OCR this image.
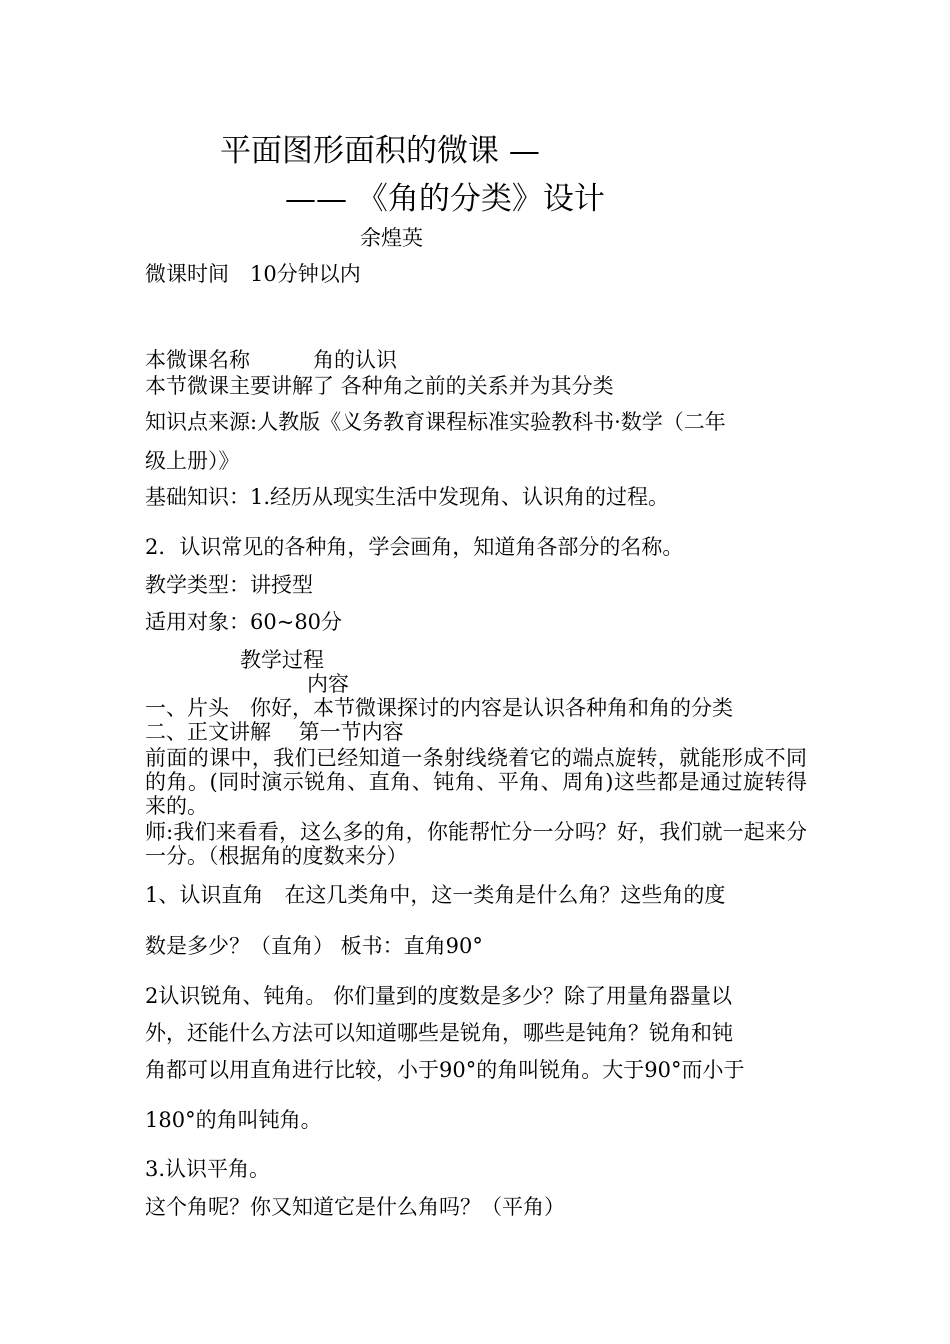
平面图形面积的微课 —
—— 《角的分类》设计
余煌英
微课时间　10分钟以内
本微课名称　　　角的认识
本节微课主要讲解了 各种角之前的关系并为其分类
知识点来源:人教版《义务教育课程标准实验教科书·数学（二年
级上册）》
基础知识：1.经历从现实生活中发现角、认识角的过程。
2．认识常见的各种角，学会画角，知道角各部分的名称。
教学类型：讲授型
适用对象：60~80分
教学过程
内容
一、片头　你好，本节微课探讨的内容是认识各种角和角的分类
二、正文讲解　 第一节内容
前面的课中，我们已经知道一条射线绕着它的端点旋转，就能形成不同的角。(同时演示锐角、直角、钝角、平角、周角)这些都是通过旋转得来的。
师:我们来看看，这么多的角，你能帮忙分一分吗？好，我们就一起来分一分。（根据角的度数来分）
1、认识直角　在这几类角中，这一类角是什么角？这些角的度
数是多少？（直角） 板书：直角90°
2认识锐角、钝角。 你们量到的度数是多少？除了用量角器量以
外，还能什么方法可以知道哪些是锐角，哪些是钝角？锐角和钝
角都可以用直角进行比较，小于90°的角叫锐角。大于90°而小于
180°的角叫钝角。
3.认识平角。
这个角呢？你又知道它是什么角吗？（平角）
